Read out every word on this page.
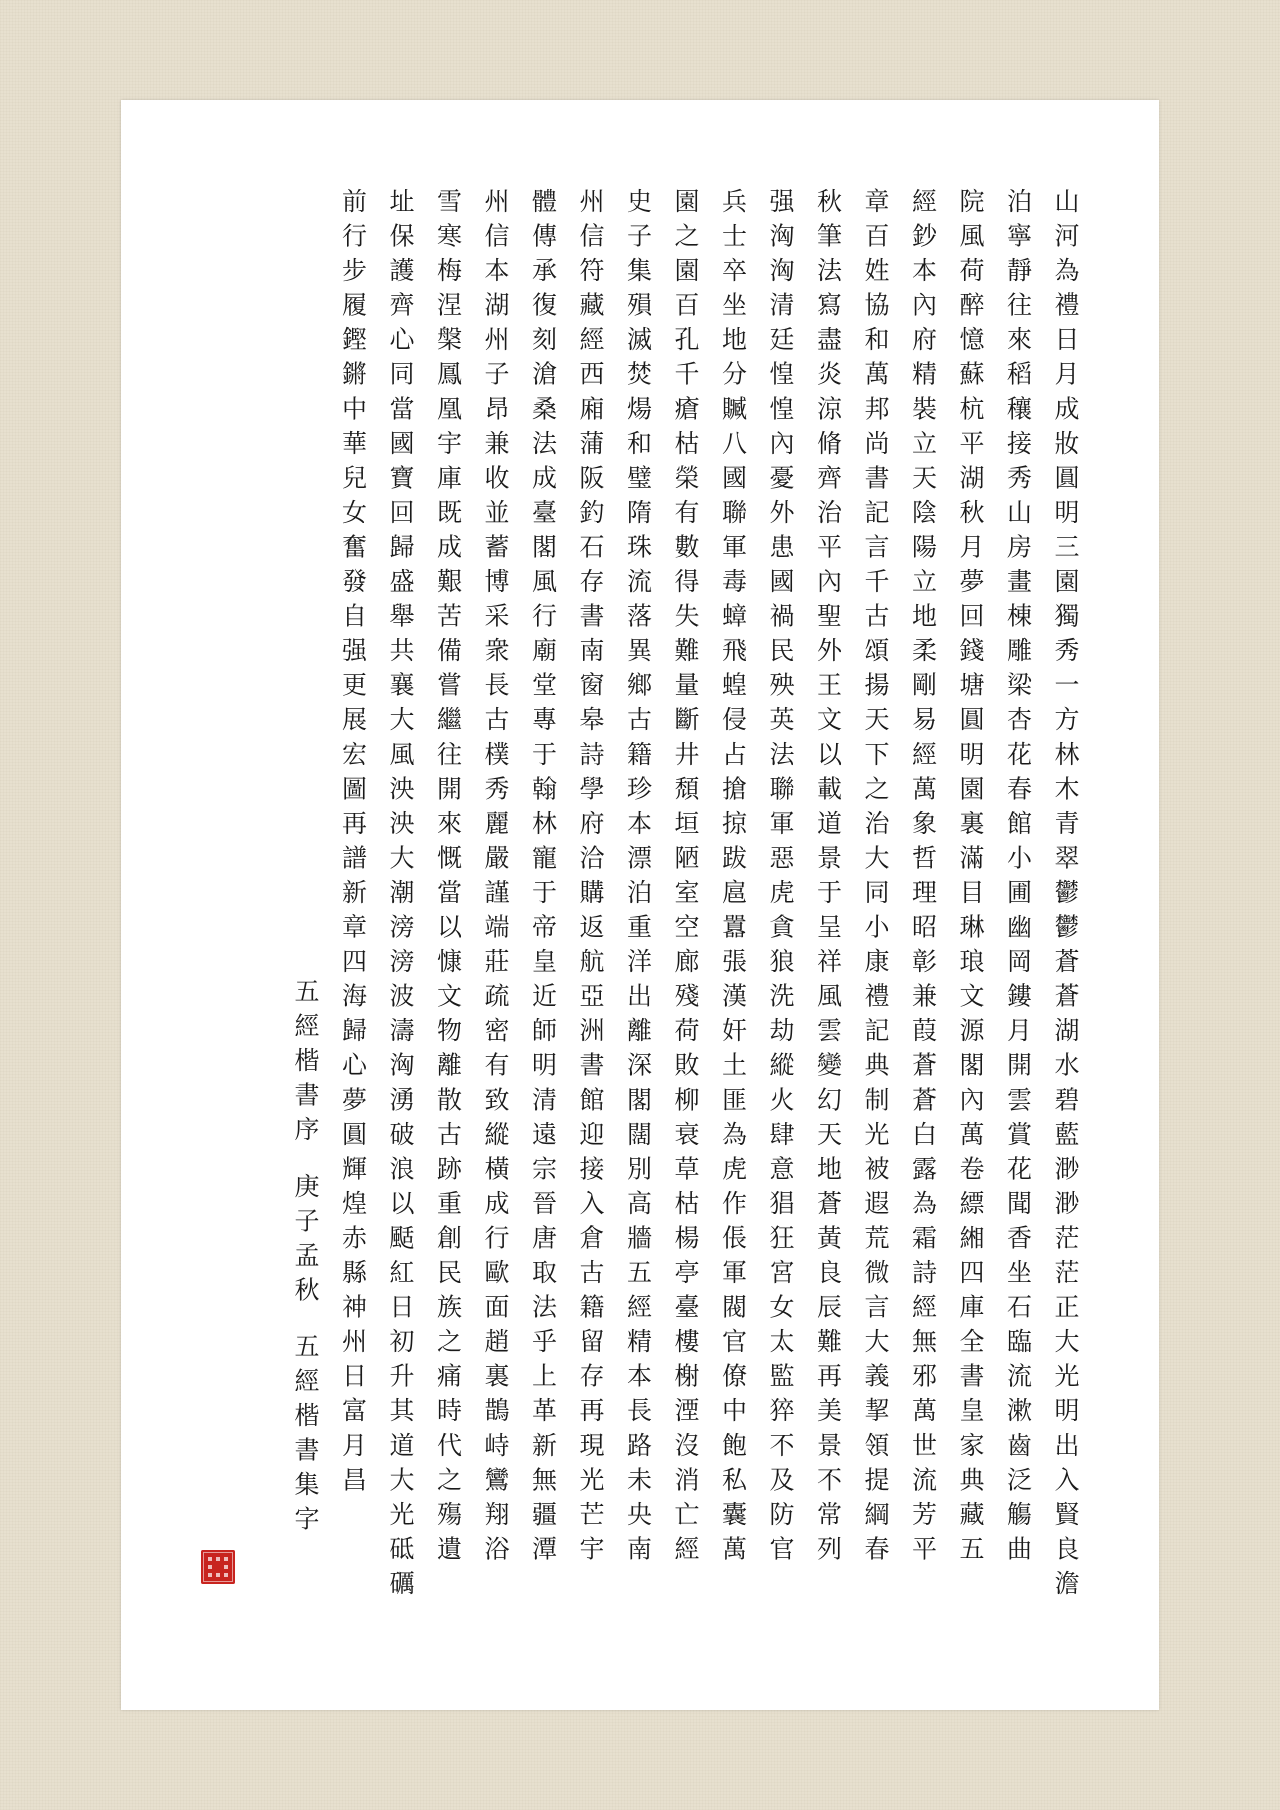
山河為禮日月成妝圓明三園獨秀一方林木青翠鬱鬱蒼蒼湖水碧藍渺渺茫茫正大光明出入賢良澹
泊寧靜往來稻穰接秀山房畫棟雕梁杏花春館小圃幽岡鏤月開雲賞花聞香坐石臨流漱齒泛觴曲
院風荷醉憶蘇杭平湖秋月夢回錢塘圓明園裏滿目琳琅文源閣內萬卷縹緗四庫全書皇家典藏五
經鈔本內府精裝立天陰陽立地柔剛易經萬象哲理昭彰兼葭蒼蒼白露為霜詩經無邪萬世流芳平
章百姓協和萬邦尚書記言千古頌揚天下之治大同小康禮記典制光被遐荒微言大義挈領提綱春
秋筆法寫盡炎涼脩齊治平內聖外王文以載道景于呈祥風雲變幻天地蒼黃良辰難再美景不常列
强洶洶清廷惶惶內憂外患國禍民殃英法聯軍惡虎貪狼洗劫縱火肆意猖狂宮女太監猝不及防官
兵士卒坐地分贓八國聯軍毒蟑飛蝗侵占搶掠跋扈囂張漢奸土匪為虎作倀軍閥官僚中飽私囊萬
園之園百孔千瘡枯榮有數得失難量斷井頹垣陋室空廊殘荷敗柳衰草枯楊亭臺樓榭湮沒消亡經
史子集殞滅焚煬和璧隋珠流落異鄉古籍珍本漂泊重洋出離深閣闊別高牆五經精本長路未央南
州信符藏經西廂蒲阪釣石存書南窗皋詩學府洽購返航亞洲書館迎接入倉古籍留存再現光芒宇
體傳承復刻滄桑法成臺閣風行廟堂專于翰林寵于帝皇近師明清遠宗晉唐取法乎上革新無疆潭
州信本湖州子昂兼收並蓄博采衆長古樸秀麗嚴謹端莊疏密有致縱橫成行歐面趙裏鵲峙鸞翔浴
雪寒梅涅槃鳳凰宇庫既成艱苦備嘗繼往開來慨當以慷文物離散古跡重創民族之痛時代之殤遺
址保護齊心同當國寶回歸盛舉共襄大風泱泱大潮滂滂波濤洶湧破浪以颳紅日初升其道大光砥礪
前行步履鏗鏘中華兒女奮發自强更展宏圖再譜新章四海歸心夢圓輝煌赤縣神州日富月昌
五經楷書序庚子孟秋五經楷書集字
